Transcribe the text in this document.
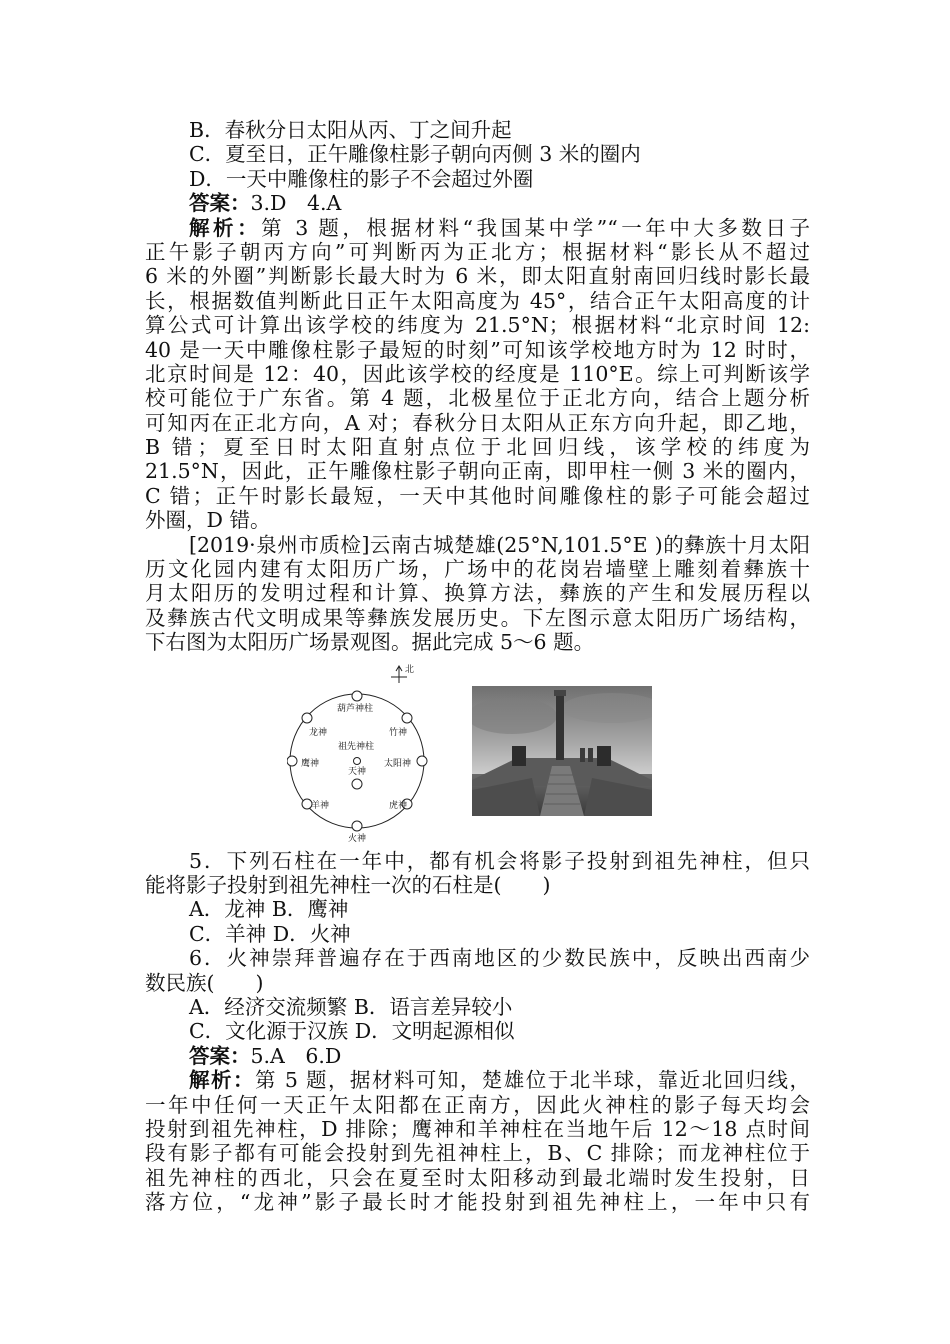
B．春秋分日太阳从丙、丁之间升起
C．夏至日，正午雕像柱影子朝向丙侧 3 米的圈内
D．一天中雕像柱的影子不会超过外圈
答案：3.D　4.A
解析：第 3 题，根据材料“我国某中学”“一年中大多数日子
正午影子朝丙方向”可判断丙为正北方；根据材料“影长从不超过
6 米的外圈”判断影长最大时为 6 米，即太阳直射南回归线时影长最
长，根据数值判断此日正午太阳高度为 45°，结合正午太阳高度的计
算公式可计算出该学校的纬度为 21.5°N；根据材料“北京时间 12:
40 是一天中雕像柱影子最短的时刻”可知该学校地方时为 12 时时，
北京时间是 12：40，因此该学校的经度是 110°E。综上可判断该学
校可能位于广东省。第 4 题，北极星位于正北方向，结合上题分析
可知丙在正北方向，A 对；春秋分日太阳从正东方向升起，即乙地，
B 错；夏至日时太阳直射点位于北回归线，该学校的纬度为
21.5°N，因此，正午雕像柱影子朝向正南，即甲柱一侧 3 米的圈内，
C 错；正午时影长最短，一天中其他时间雕像柱的影子可能会超过
外圈，D 错。
[2019·泉州市质检]云南古城楚雄(25°N,101.5°E )的彝族十月太阳
历文化园内建有太阳历广场，广场中的花岗岩墙壁上雕刻着彝族十
月太阳历的发明过程和计算、换算方法，彝族的产生和发展历程以
及彝族古代文明成果等彝族发展历史。下左图示意太阳历广场结构，
下右图为太阳历广场景观图。据此完成 5～6 题。
北
葫芦神柱
龙神	竹神
祖先神柱
鹰神
天神
太阳神
羊神	虎神
火神
5．下列石柱在一年中，都有机会将影子投射到祖先神柱，但只
能将影子投射到祖先神柱一次的石柱是(　　)
A．龙神 B．鹰神
C．羊神 D．火神
6．火神崇拜普遍存在于西南地区的少数民族中，反映出西南少
数民族(　　)
A．经济交流频繁 B．语言差异较小
C．文化源于汉族 D．文明起源相似
答案：5.A　6.D
解析：第 5 题，据材料可知，楚雄位于北半球，靠近北回归线，
一年中任何一天正午太阳都在正南方，因此火神柱的影子每天均会
投射到祖先神柱，D 排除；鹰神和羊神柱在当地午后 12～18 点时间
段有影子都有可能会投射到先祖神柱上，B、C 排除；而龙神柱位于
祖先神柱的西北，只会在夏至时太阳移动到最北端时发生投射，日
落方位，“龙神”影子最长时才能投射到祖先神柱上，一年中只有
